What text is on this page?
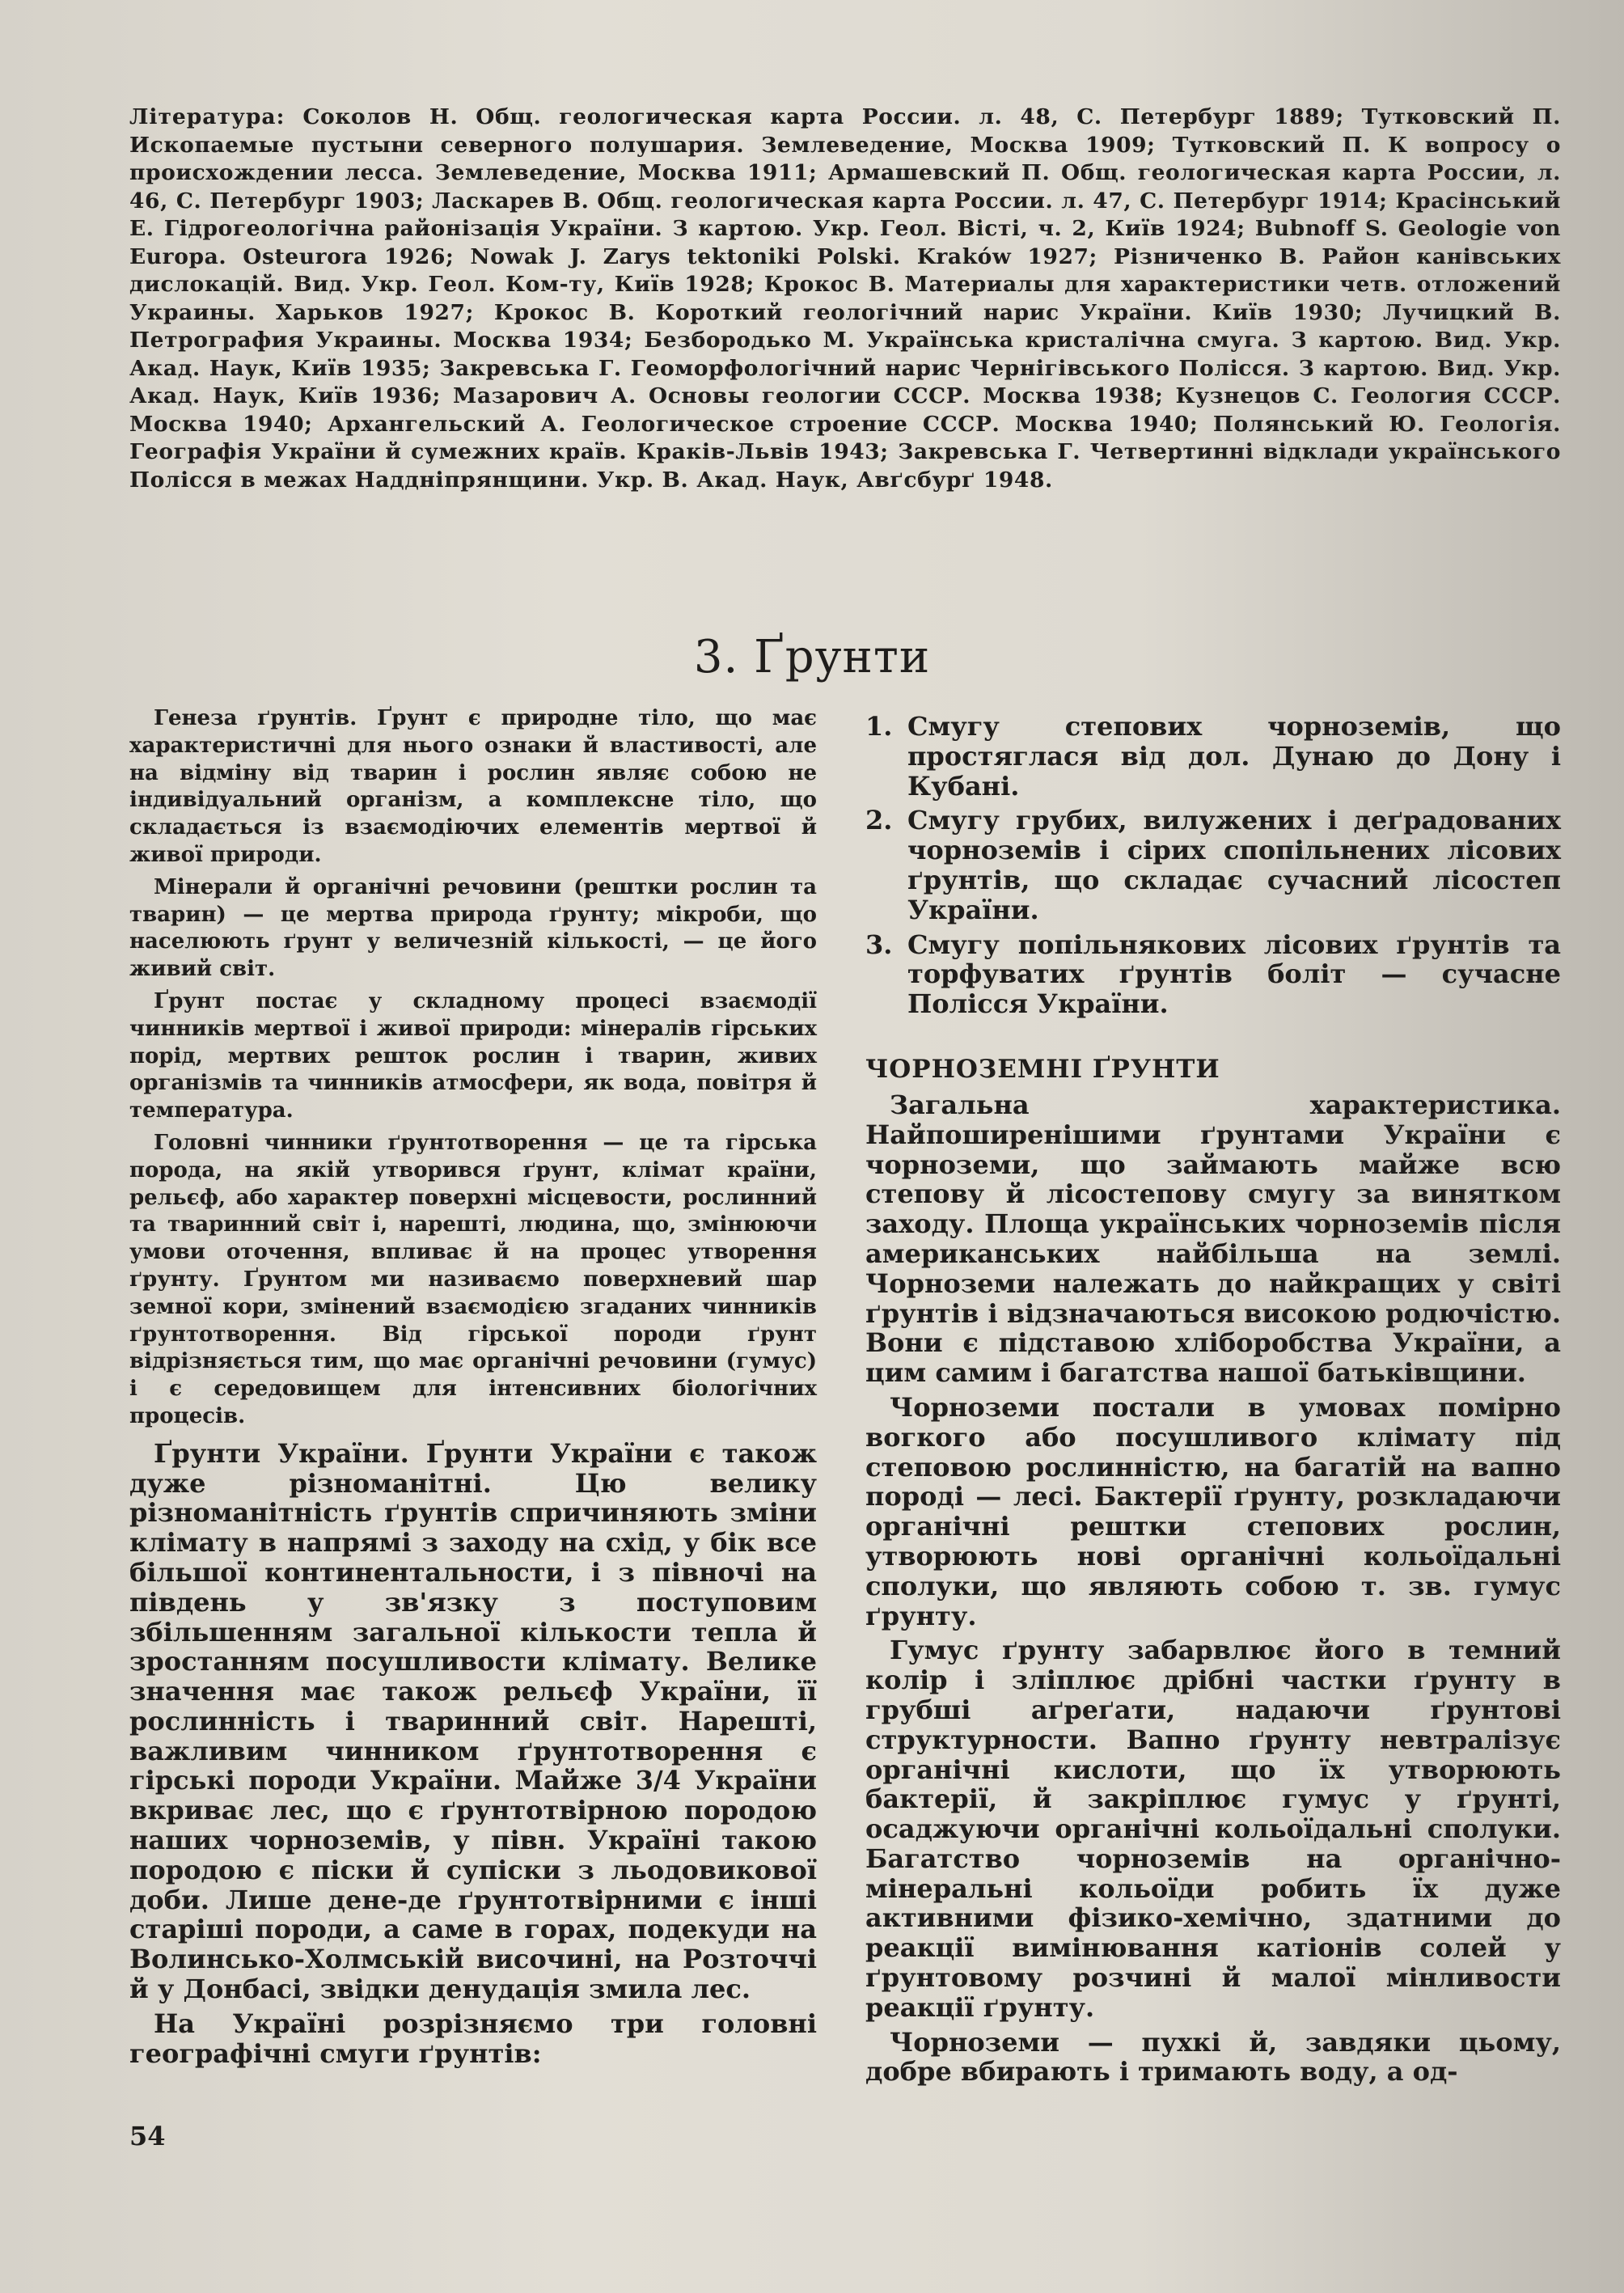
Література: Соколов Н. Общ. геологическая карта России. л. 48, С. Петербург 1889; Тутковский П. Ископаемые пустыни северного полушария. Землеведение, Москва 1909; Тутковский П. К вопросу о происхождении лесса. Землеведение, Москва 1911; Армашевский П. Общ. геологическая карта России, л. 46, С. Петербург 1903; Ласкарев В. Общ. геологическая карта России. л. 47, С. Петербург 1914; Красінський Е. Гідрогеологічна районізація України. З картою. Укр. Геол. Вісті, ч. 2, Київ 1924; Bubnoff S. Geologie von Europa. Osteurora 1926; Nowak J. Zarys tektoniki Polski. Kraków 1927; Різниченко В. Район канівських дислокацій. Вид. Укр. Геол. Ком-ту, Київ 1928; Крокос В. Материалы для характеристики четв. отложений Украины. Харьков 1927; Крокос В. Короткий геологічний нарис України. Київ 1930; Лучицкий В. Петрография Украины. Москва 1934; Безбородько М. Українська кристалічна смуга. З картою. Вид. Укр. Акад. Наук, Київ 1935; Закревська Г. Геоморфологічний нарис Чернігівського Полісся. З картою. Вид. Укр. Акад. Наук, Київ 1936; Мазарович А. Основы геологии СССР. Москва 1938; Кузнецов С. Геология СССР. Москва 1940; Архангельский А. Геологическое строение СССР. Москва 1940; Полянський Ю. Геологія. Географія України й сумежних країв. Краків-Львів 1943; Закревська Г. Четвертинні відклади українського Полісся в межах Наддніпрянщини. Укр. В. Акад. Наук, Авґсбурґ 1948.
3. Ґрунти

Генеза ґрунтів. Ґрунт є природне тіло, що має характеристичні для нього ознаки й властивості, але на відміну від тварин і рослин являє собою не індивідуальний організм, а комплексне тіло, що складається із взаємодіючих елементів мертвої й живої природи.

Мінерали й органічні речовини (рештки рослин та тварин) — це мертва природа ґрунту; мікроби, що населюють ґрунт у величезній кількості, — це його живий світ.

Ґрунт постає у складному процесі взаємодії чинників мертвої і живої природи: мінералів гірських порід, мертвих решток рослин і тварин, живих організмів та чинників атмосфери, як вода, повітря й температура.

Головні чинники ґрунтотворення — це та гірська порода, на якій утворився ґрунт, клімат країни, рельєф, або характер поверхні місцевости, рослинний та тваринний світ і, нарешті, людина, що, змінюючи умови оточення, впливає й на процес утворення ґрунту. Ґрунтом ми називаємо поверхневий шар земної кори, змінений взаємодією згаданих чинників ґрунтотворення. Від гірської породи ґрунт відрізняється тим, що має органічні речовини (гумус) і є середовищем для інтенсивних біологічних процесів.

Ґрунти України. Ґрунти України є також дуже різноманітні. Цю велику різноманітність ґрунтів спричиняють зміни клімату в напрямі з заходу на схід, у бік все більшої континентальности, і з півночі на південь у зв'язку з поступовим збільшенням загальної кількости тепла й зростанням посушливости клімату. Велике значення має також рельєф України, її рослинність і тваринний світ. Нарешті, важливим чинником ґрунтотворення є гірські породи України. Майже 3/4 України вкриває лес, що є ґрунтотвірною породою наших чорноземів, у півн. Україні такою породою є піски й супіски з льодовикової доби. Лише дене-де ґрунтотвірними є інші старіші породи, а саме в горах, подекуди на Волинсько-Холмській височині, на Розточчі й у Донбасі, звідки денудація змила лес.

На Україні розрізняємо три головні географічні смуги ґрунтів:

1. Смугу степових чорноземів, що простяглася від дол. Дунаю до Дону і Кубані.
2. Смугу грубих, вилужених і деґрадованих чорноземів і сірих спопільнених лісових ґрунтів, що складає сучасний лісостеп України.
3. Смугу попільнякових лісових ґрунтів та торфуватих ґрунтів боліт — сучасне Полісся України.
ЧОРНОЗЕМНІ ҐРУНТИ

Загальна характеристика. Найпоширенішими ґрунтами України є чорноземи, що займають майже всю степову й лісостепову смугу за винятком заходу. Площа українських чорноземів після американських найбільша на землі. Чорноземи належать до найкращих у світі ґрунтів і відзначаються високою родючістю. Вони є підставою хліборобства України, а цим самим і багатства нашої батьківщини.

Чорноземи постали в умовах помірно вогкого або посушливого клімату під степовою рослинністю, на багатій на вапно породі — лесі. Бактерії ґрунту, розкладаючи органічні рештки степових рослин, утворюють нові органічні кольоїдальні сполуки, що являють собою т. зв. гумус ґрунту.

Гумус ґрунту забарвлює його в темний колір і зліплює дрібні частки ґрунту в грубші аґреґати, надаючи ґрунтові структурности. Вапно ґрунту невтралізує органічні кислоти, що їх утворюють бактерії, й закріплює гумус у ґрунті, осаджуючи органічні кольоїдальні сполуки. Багатство чорноземів на органічно-мінеральні кольоїди робить їх дуже активними фізико-хемічно, здатними до реакції вимінювання катіонів солей у ґрунтовому розчині й малої мінливости реакції ґрунту.

Чорноземи — пухкі й, завдяки цьому, добре вбирають і тримають воду, а од-

54
